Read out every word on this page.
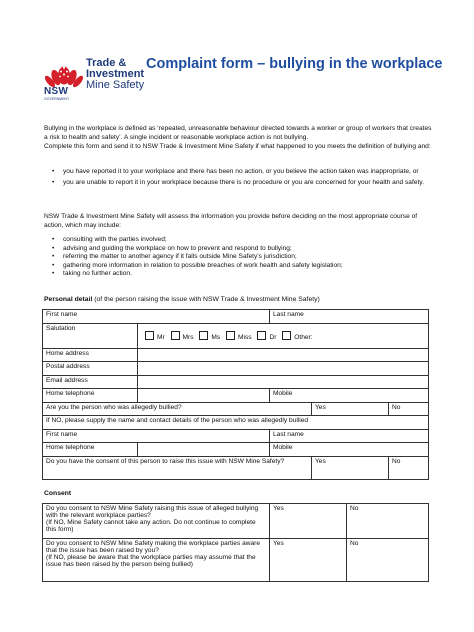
NSW
GOVERNMENT
Trade &
Investment
Mine Safety
Complaint form – bullying in the workplace

Bullying in the workplace is defined as ‘repeated, unreasonable behaviour directed towards a worker or group of workers that creates a risk to health and safety’. A single incident or reasonable workplace action is not bullying.

Complete this form and send it to NSW Trade & Investment Mine Safety if what happened to you meets the definition of bullying and:

• you have reported it to your workplace and there has been no action, or you believe the action taken was inappropriate, or
• you are unable to report it in your workplace because there is no procedure or you are concerned for your health and safety.

NSW Trade & Investment Mine Safety will assess the information you provide before deciding on the most appropriate course of action, which may include:

• consulting with the parties involved;
• advising and guiding the workplace on how to prevent and respond to bullying;
• referring the matter to another agency if it falls outside Mine Safety’s jurisdiction;
• gathering more information in relation to possible breaches of work health and safety legislation;
• taking no further action.
Personal detail (of the person raising the issue with NSW Trade & Investment Mine Safety)
First name		Last name		
Salutation	Mr Mrs Ms Miss Dr Other:			
Home address				
Postal address				
Email address				
Home telephone		Mobile		
Are you the person who was allegedly bullied?			Yes	No
If NO, please supply the name and contact details of the person who was allegedly bullied				
First name		Last name		
Home telephone		Mobile		
Do you have the consent of this person to raise this issue with NSW Mine Safety?			Yes	No
Consent
Do you consent to NSW Mine Safety raising this issue of alleged bullying with the relevant workplace parties?
(If NO, Mine Safety cannot take any action. Do not continue to complete this form)	Yes	No
Do you consent to NSW Mine Safety making the workplace parties aware that the issue has been raised by you?
(If NO, please be aware that the workplace parties may assume that the issue has been raised by the person being bullied)	Yes	No
